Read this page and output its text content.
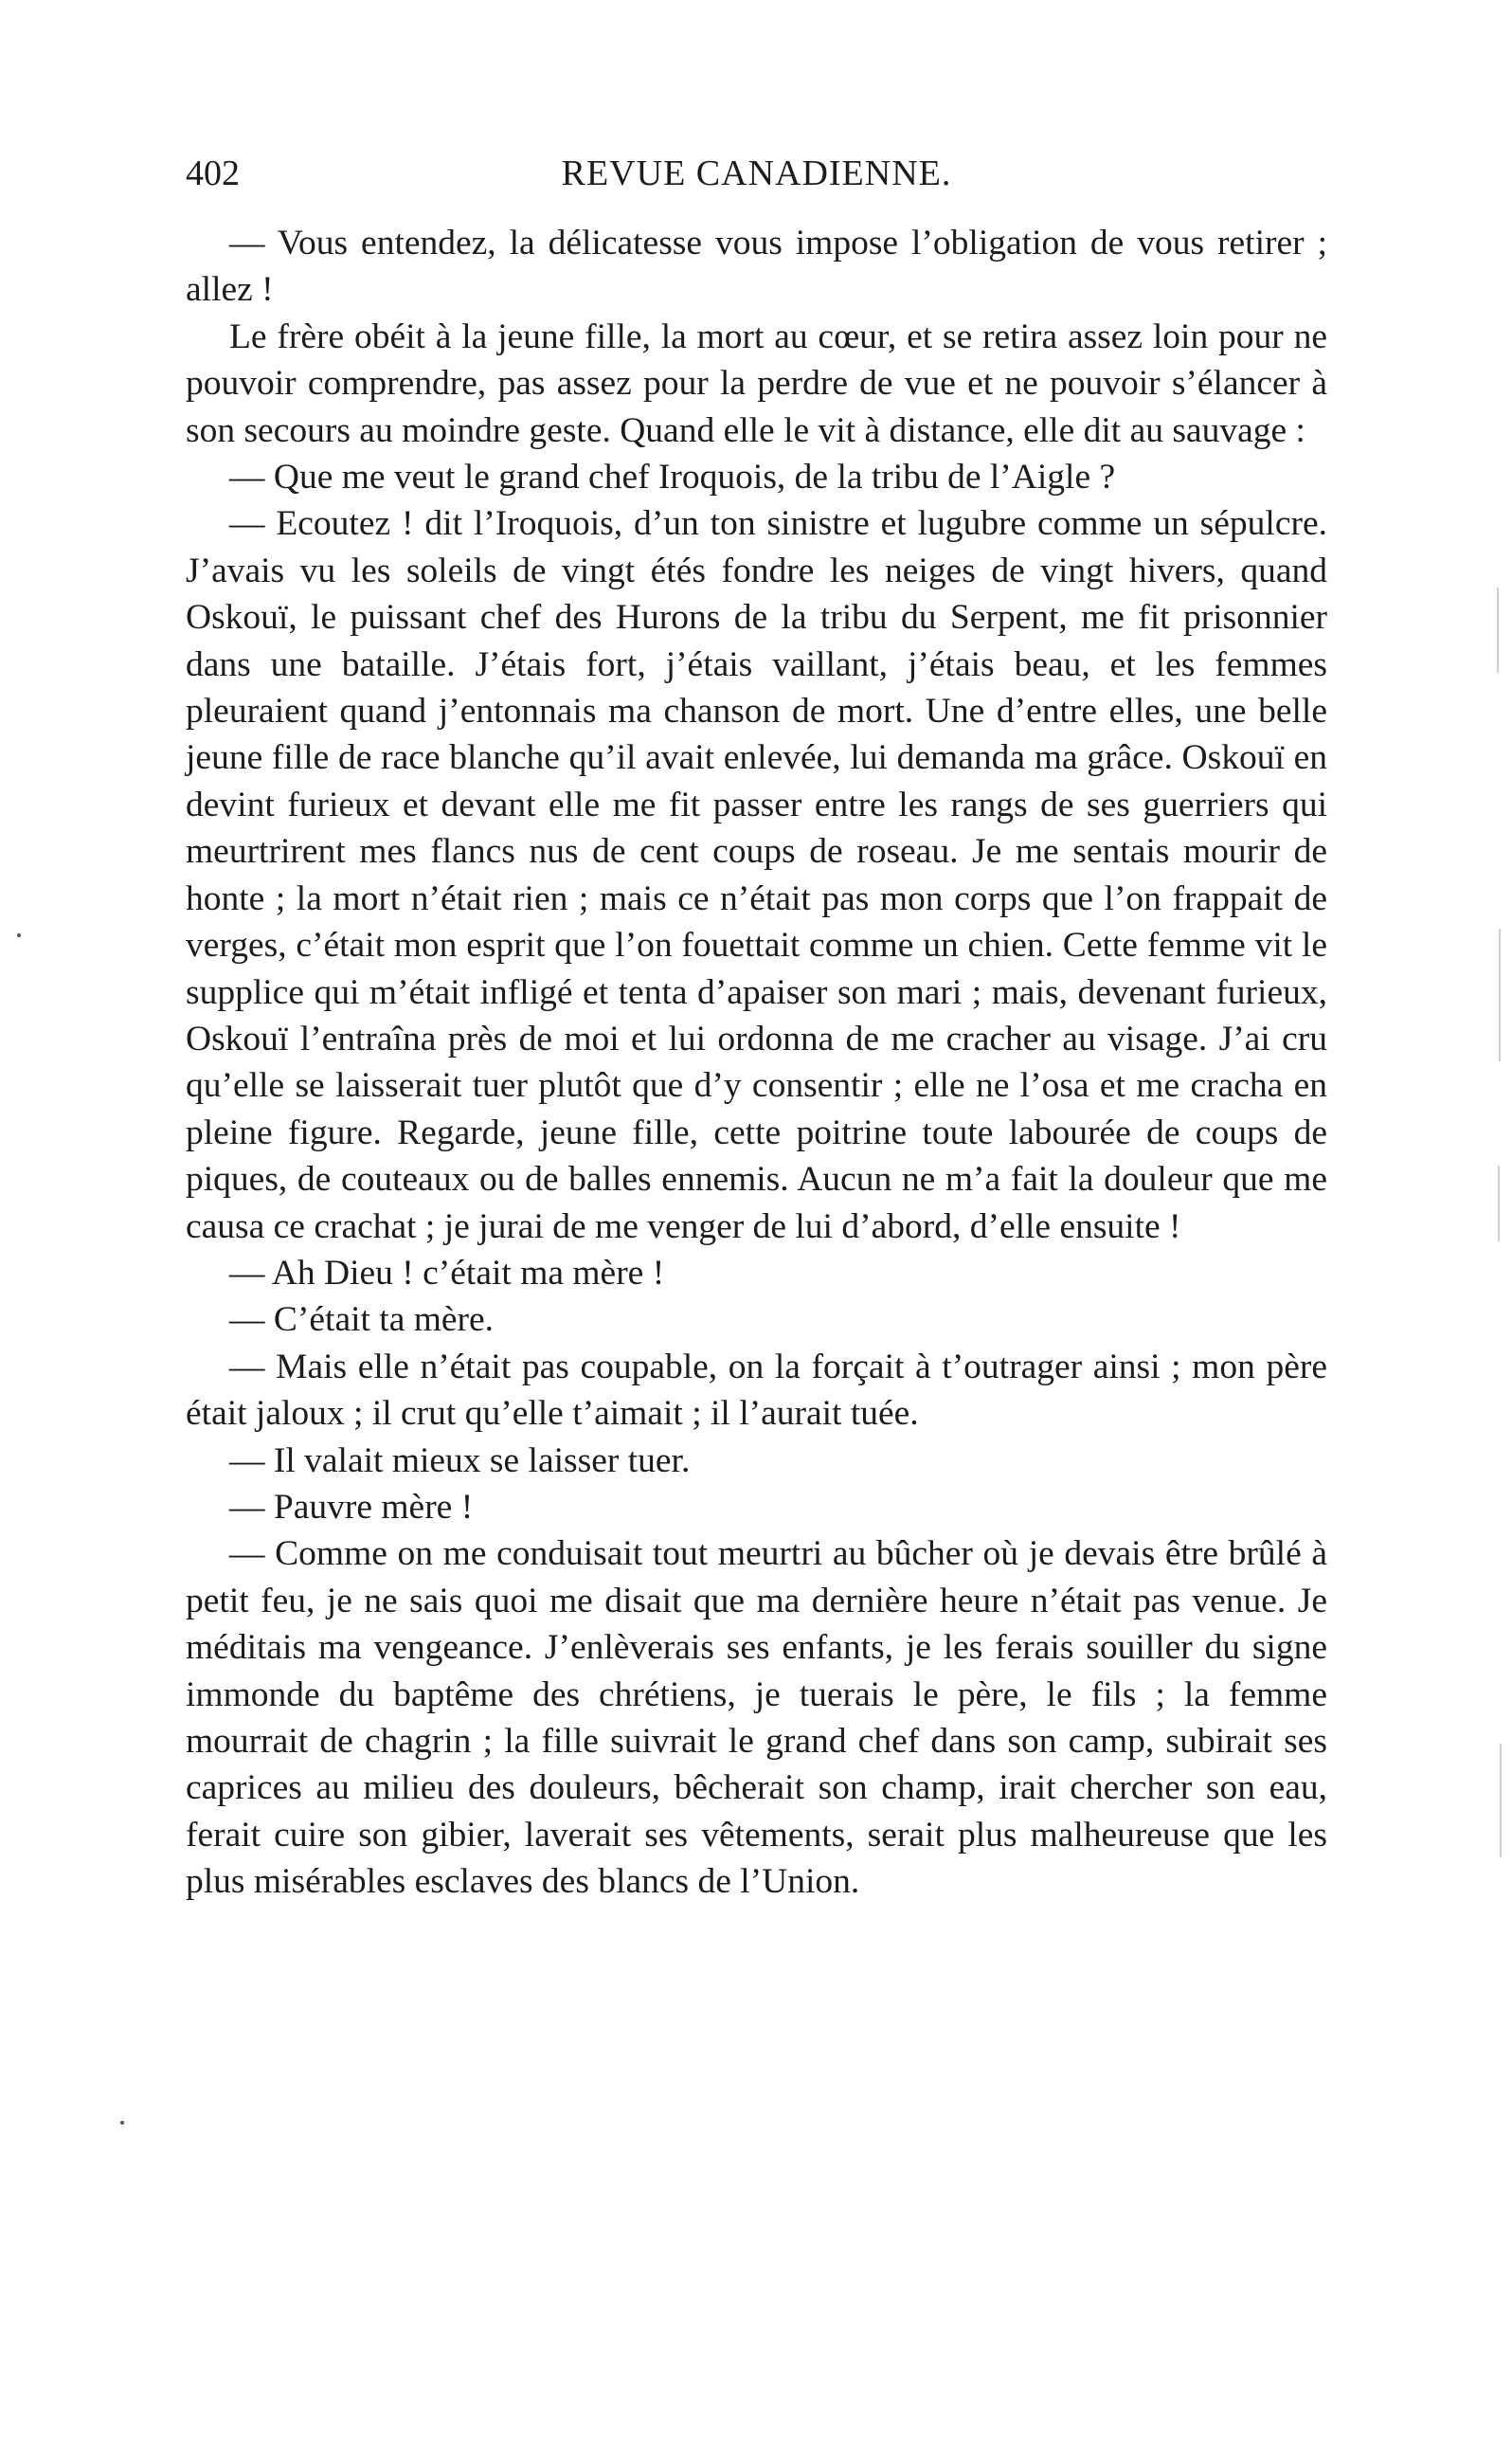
402	REVUE CANADIENNE.

— Vous entendez, la délicatesse vous impose l’obligation de vous retirer ; allez !

Le frère obéit à la jeune fille, la mort au cœur, et se retira assez loin pour ne pouvoir comprendre, pas assez pour la perdre de vue et ne pouvoir s’élancer à son secours au moindre geste. Quand elle le vit à distance, elle dit au sauvage :

— Que me veut le grand chef Iroquois, de la tribu de l’Aigle ?

— Ecoutez ! dit l’Iroquois, d’un ton sinistre et lugubre comme un sépulcre. J’avais vu les soleils de vingt étés fondre les neiges de vingt hivers, quand Oskouï, le puissant chef des Hurons de la tribu du Serpent, me fit prisonnier dans une bataille. J’étais fort, j’étais vaillant, j’étais beau, et les femmes pleuraient quand j’entonnais ma chanson de mort. Une d’entre elles, une belle jeune fille de race blanche qu’il avait enlevée, lui demanda ma grâce. Oskouï en devint furieux et devant elle me fit passer entre les rangs de ses guerriers qui meurtrirent mes flancs nus de cent coups de roseau. Je me sentais mourir de honte ; la mort n’était rien ; mais ce n’était pas mon corps que l’on frappait de verges, c’était mon esprit que l’on fouettait comme un chien. Cette femme vit le supplice qui m’était infligé et tenta d’apaiser son mari ; mais, devenant furieux, Oskouï l’entraîna près de moi et lui ordonna de me cracher au visage. J’ai cru qu’elle se laisserait tuer plutôt que d’y consentir ; elle ne l’osa et me cracha en pleine figure. Regarde, jeune fille, cette poitrine toute labourée de coups de piques, de couteaux ou de balles ennemis. Aucun ne m’a fait la douleur que me causa ce crachat ; je jurai de me venger de lui d’abord, d’elle ensuite !

— Ah Dieu ! c’était ma mère !

— C’était ta mère.

— Mais elle n’était pas coupable, on la forçait à t’outrager ainsi ; mon père était jaloux ; il crut qu’elle t’aimait ; il l’aurait tuée.

— Il valait mieux se laisser tuer.

— Pauvre mère !

— Comme on me conduisait tout meurtri au bûcher où je devais être brûlé à petit feu, je ne sais quoi me disait que ma dernière heure n’était pas venue. Je méditais ma vengeance. J’enlèverais ses enfants, je les ferais souiller du signe immonde du baptême des chrétiens, je tuerais le père, le fils ; la femme mourrait de chagrin ; la fille suivrait le grand chef dans son camp, subirait ses caprices au milieu des douleurs, bêcherait son champ, irait chercher son eau, ferait cuire son gibier, laverait ses vêtements, serait plus malheureuse que les plus misérables esclaves des blancs de l’Union.
